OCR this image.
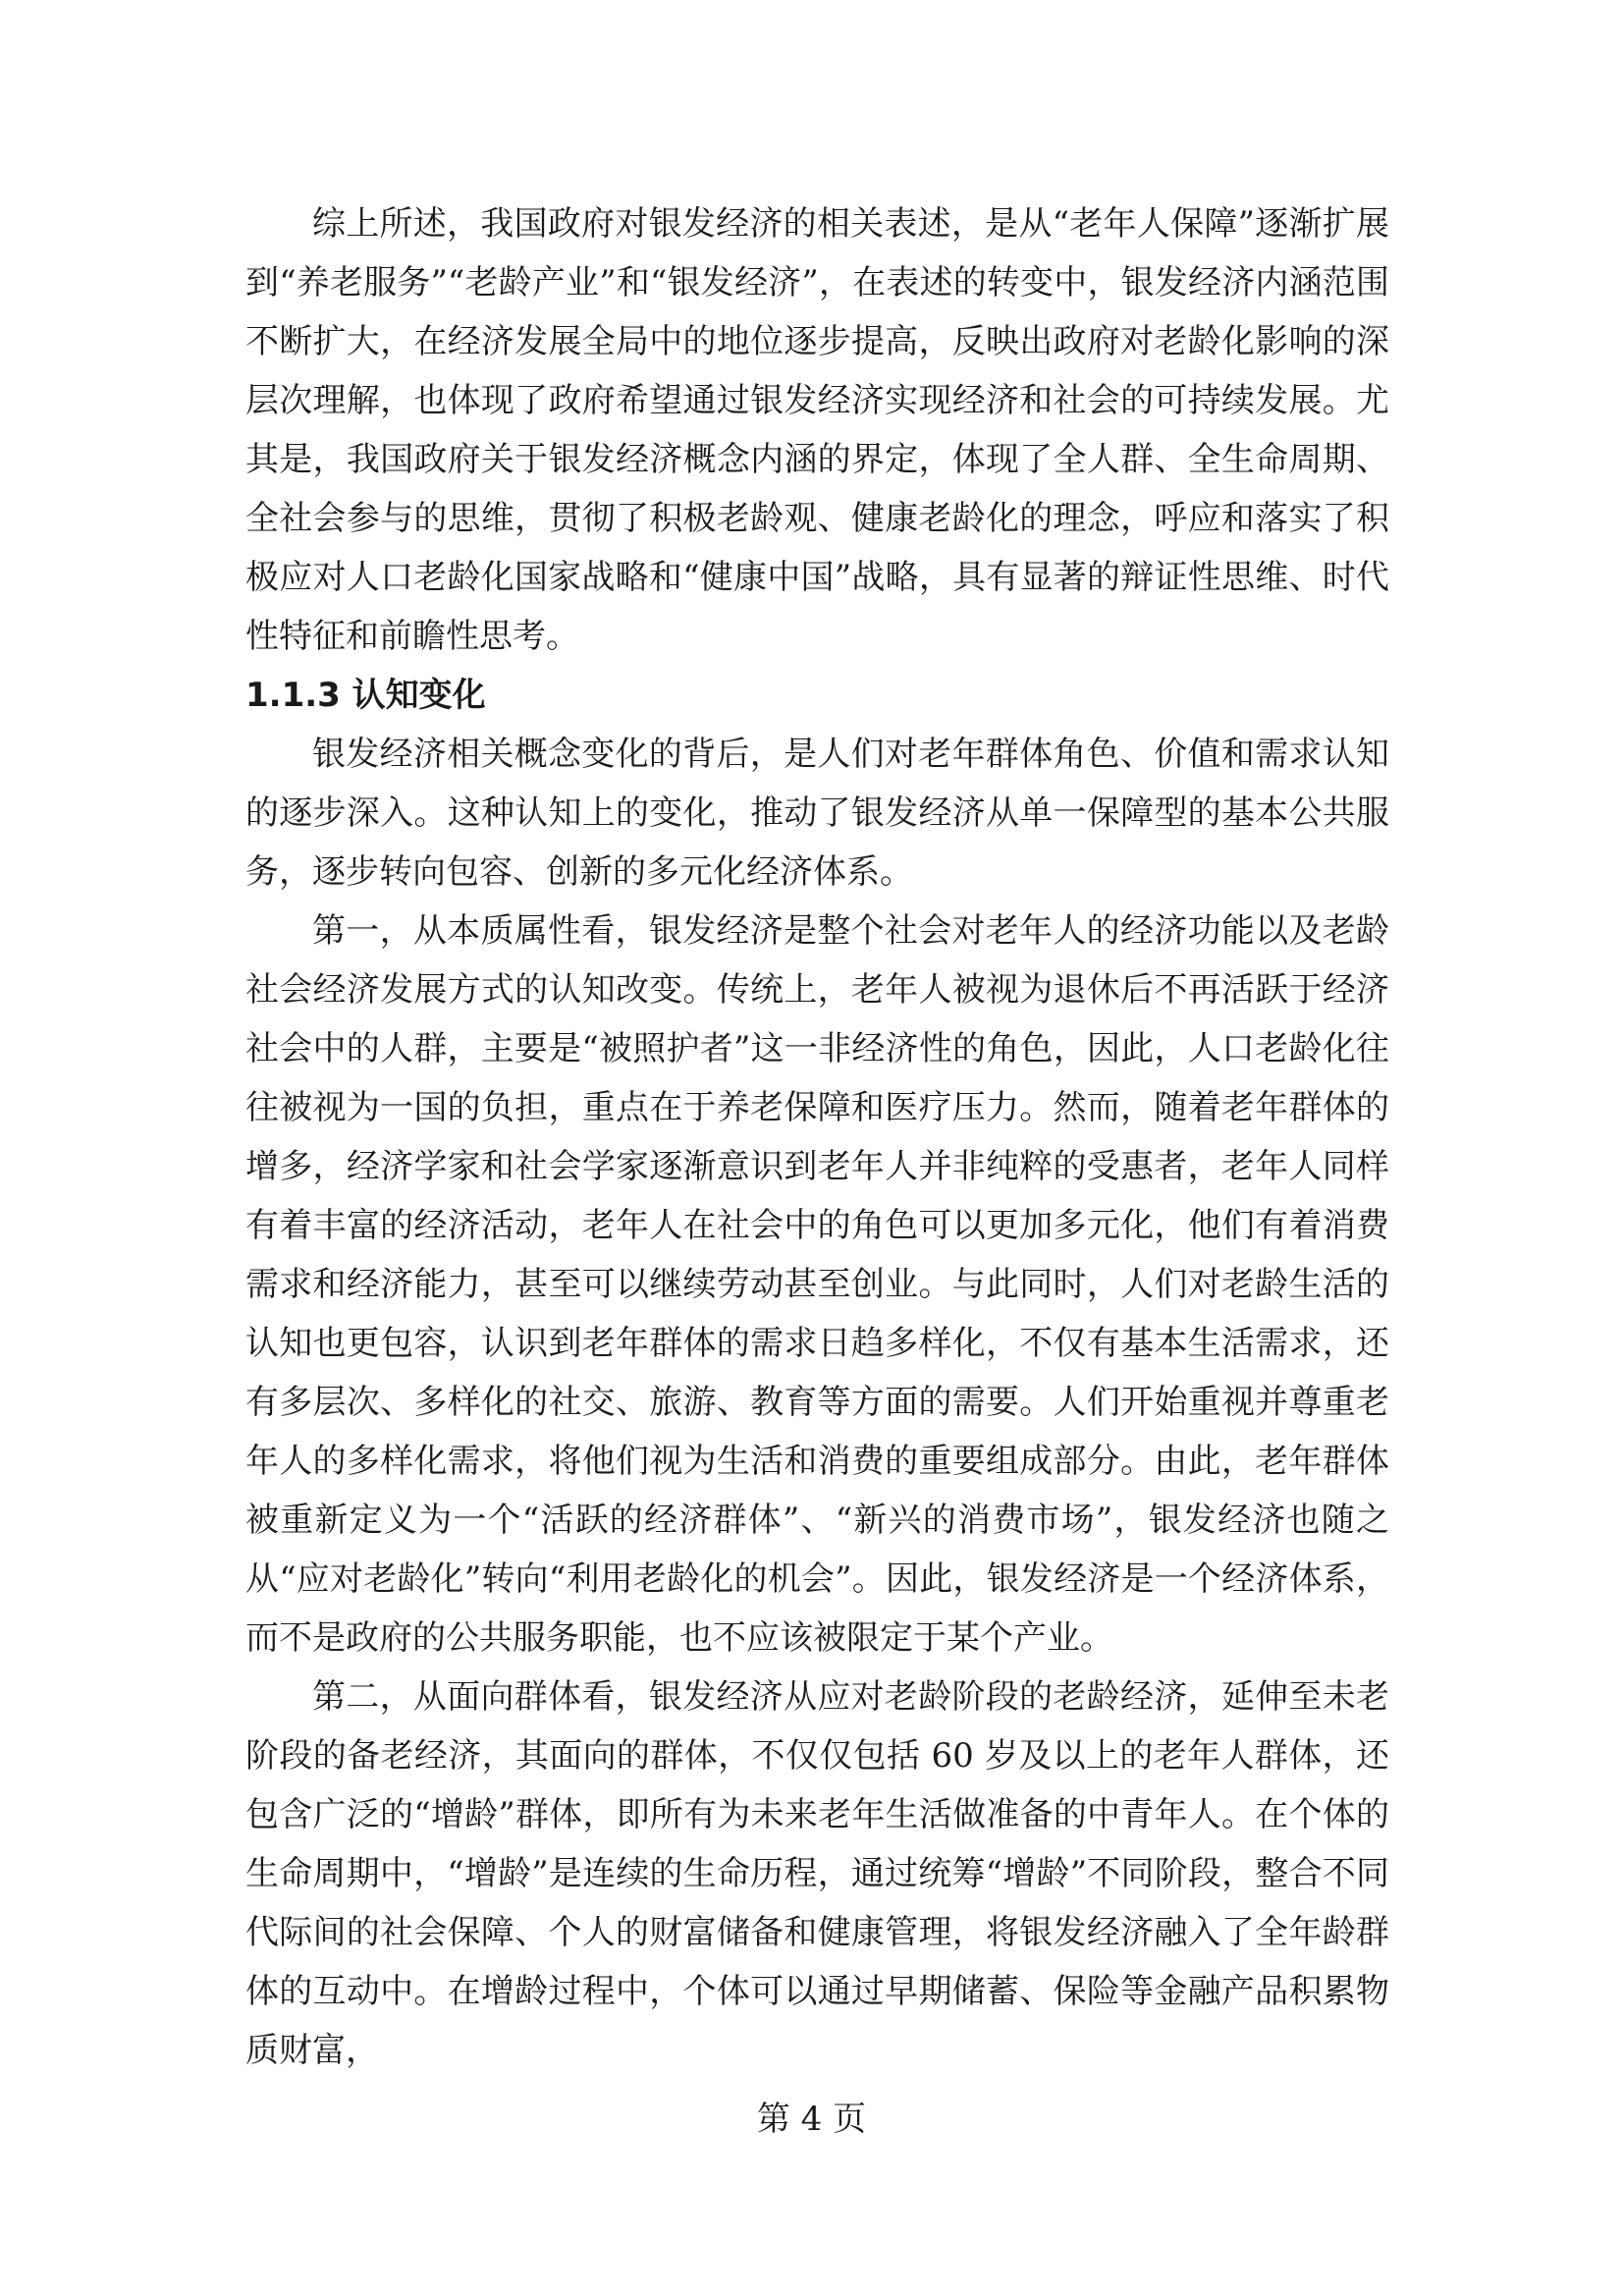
综上所述，我国政府对银发经济的相关表述，是从“老年人保障”逐渐扩展到“养老服务”“老龄产业”和“银发经济”，在表述的转变中，银发经济内涵范围不断扩大，在经济发展全局中的地位逐步提高，反映出政府对老龄化影响的深层次理解，也体现了政府希望通过银发经济实现经济和社会的可持续发展。尤其是，我国政府关于银发经济概念内涵的界定，体现了全人群、全生命周期、全社会参与的思维，贯彻了积极老龄观、健康老龄化的理念，呼应和落实了积极应对人口老龄化国家战略和“健康中国”战略，具有显著的辩证性思维、时代性特征和前瞻性思考。

1.1.3 认知变化

银发经济相关概念变化的背后，是人们对老年群体角色、价值和需求认知的逐步深入。这种认知上的变化，推动了银发经济从单一保障型的基本公共服务，逐步转向包容、创新的多元化经济体系。

第一，从本质属性看，银发经济是整个社会对老年人的经济功能以及老龄社会经济发展方式的认知改变。传统上，老年人被视为退休后不再活跃于经济社会中的人群，主要是“被照护者”这一非经济性的角色，因此，人口老龄化往往被视为一国的负担，重点在于养老保障和医疗压力。然而，随着老年群体的增多，经济学家和社会学家逐渐意识到老年人并非纯粹的受惠者，老年人同样有着丰富的经济活动，老年人在社会中的角色可以更加多元化，他们有着消费需求和经济能力，甚至可以继续劳动甚至创业。与此同时，人们对老龄生活的认知也更包容，认识到老年群体的需求日趋多样化，不仅有基本生活需求，还有多层次、多样化的社交、旅游、教育等方面的需要。人们开始重视并尊重老年人的多样化需求，将他们视为生活和消费的重要组成部分。由此，老年群体被重新定义为一个“活跃的经济群体”、“新兴的消费市场”，银发经济也随之从“应对老龄化”转向“利用老龄化的机会”。因此，银发经济是一个经济体系，而不是政府的公共服务职能，也不应该被限定于某个产业。

第二，从面向群体看，银发经济从应对老龄阶段的老龄经济，延伸至未老阶段的备老经济，其面向的群体，不仅仅包括 60 岁及以上的老年人群体，还包含广泛的“增龄”群体，即所有为未来老年生活做准备的中青年人。在个体的生命周期中，“增龄”是连续的生命历程，通过统筹“增龄”不同阶段，整合不同代际间的社会保障、个人的财富储备和健康管理，将银发经济融入了全年龄群体的互动中。在增龄过程中，个体可以通过早期储蓄、保险等金融产品积累物质财富，

第 4 页
